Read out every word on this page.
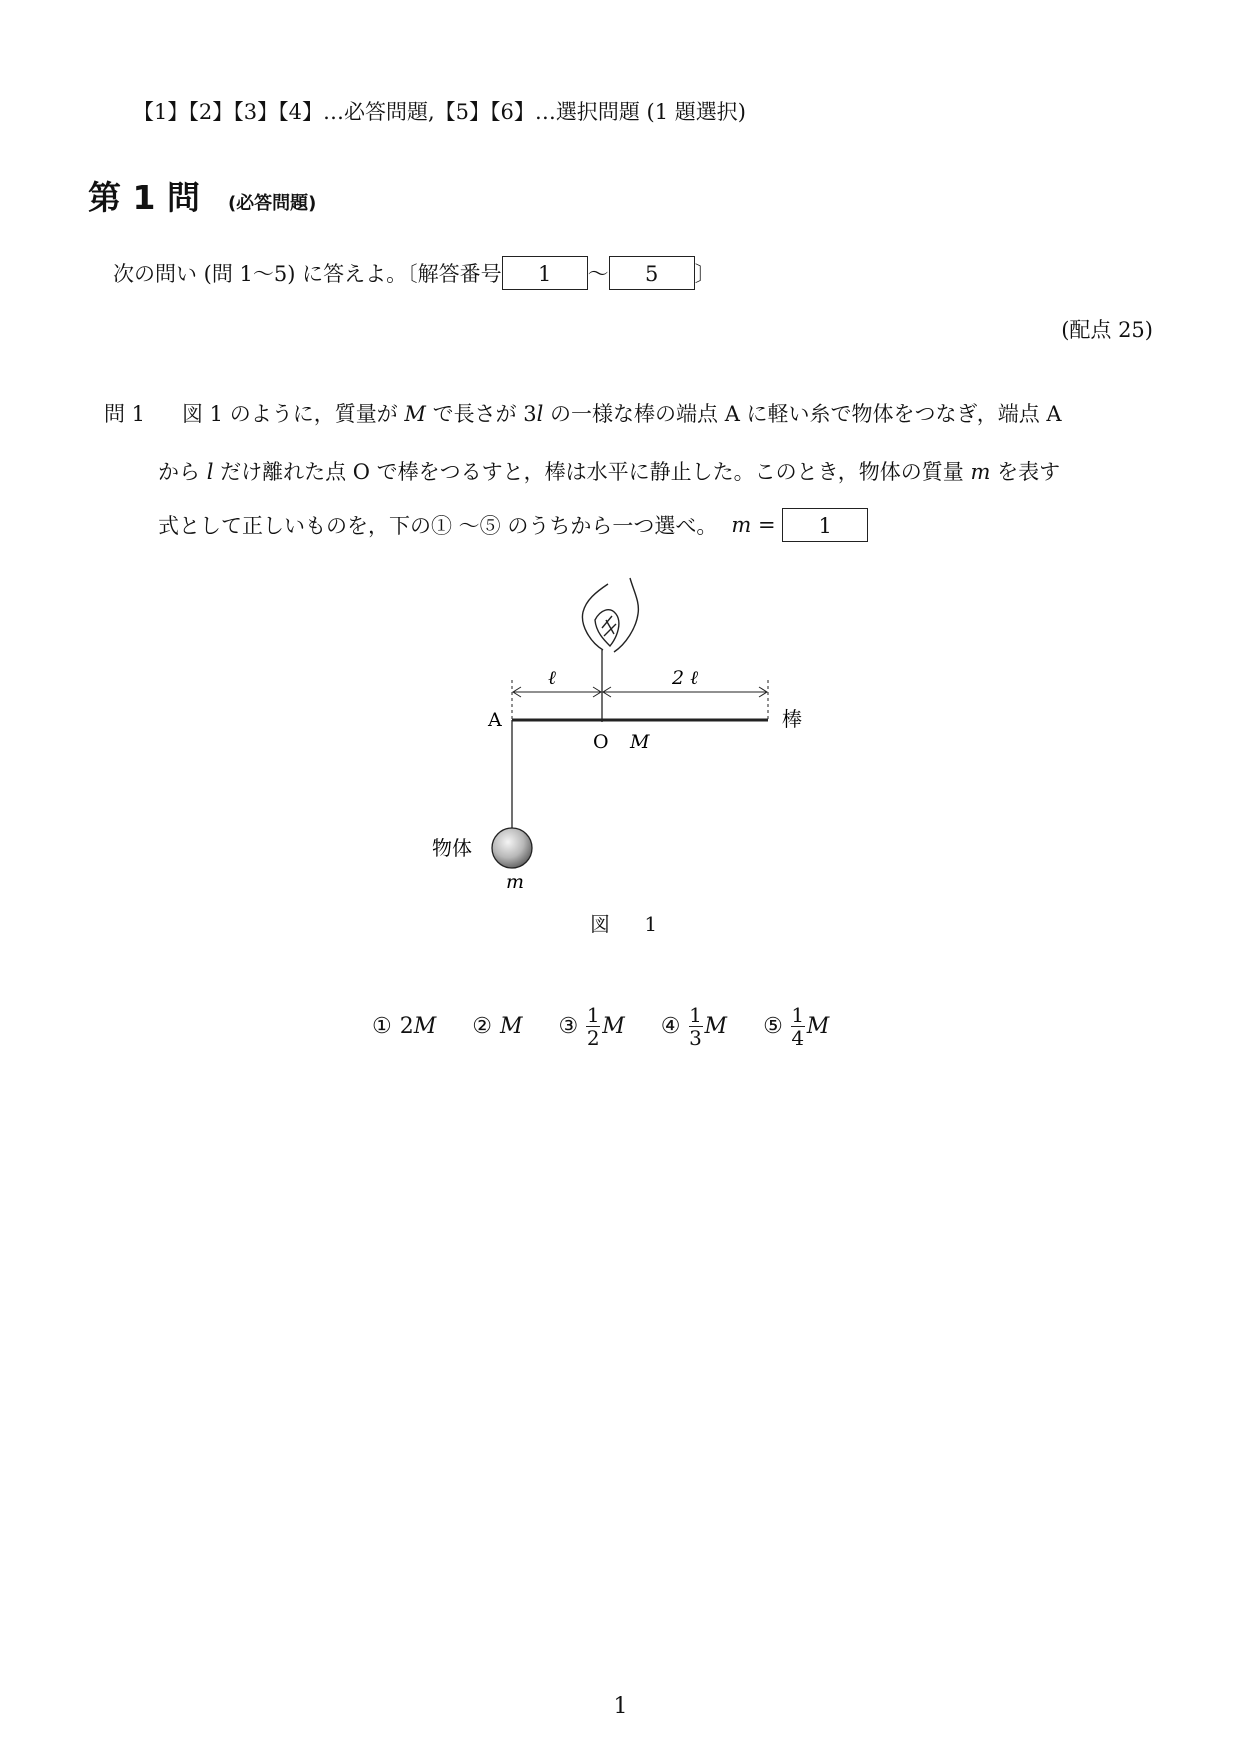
【1】【2】【3】【4】…必答問題,【5】【6】…選択問題 (1 題選択)
第 1 問 (必答問題)
次の問い (問 1〜5) に答えよ。〔解答番号	1	〜	5	〕
(配点 25)
問 1 図 1 のように，質量が M で長さが 3l の一様な棒の端点 A に軽い糸で物体をつなぎ，端点 A
から l だけ離れた点 O で棒をつるすと，棒は水平に静止した。このとき，物体の質量 m を表す
式として正しいものを，下の① 〜⑤ のうちから一つ選べ。 m =	1
ℓ	2 ℓ
A
O M
棒
物体
m
図 1
① 2 M ② M ③ $\frac{1}{2}$ M ④ $\frac{1}{3}$ M ⑤ $\frac{1}{4}$ M
1
